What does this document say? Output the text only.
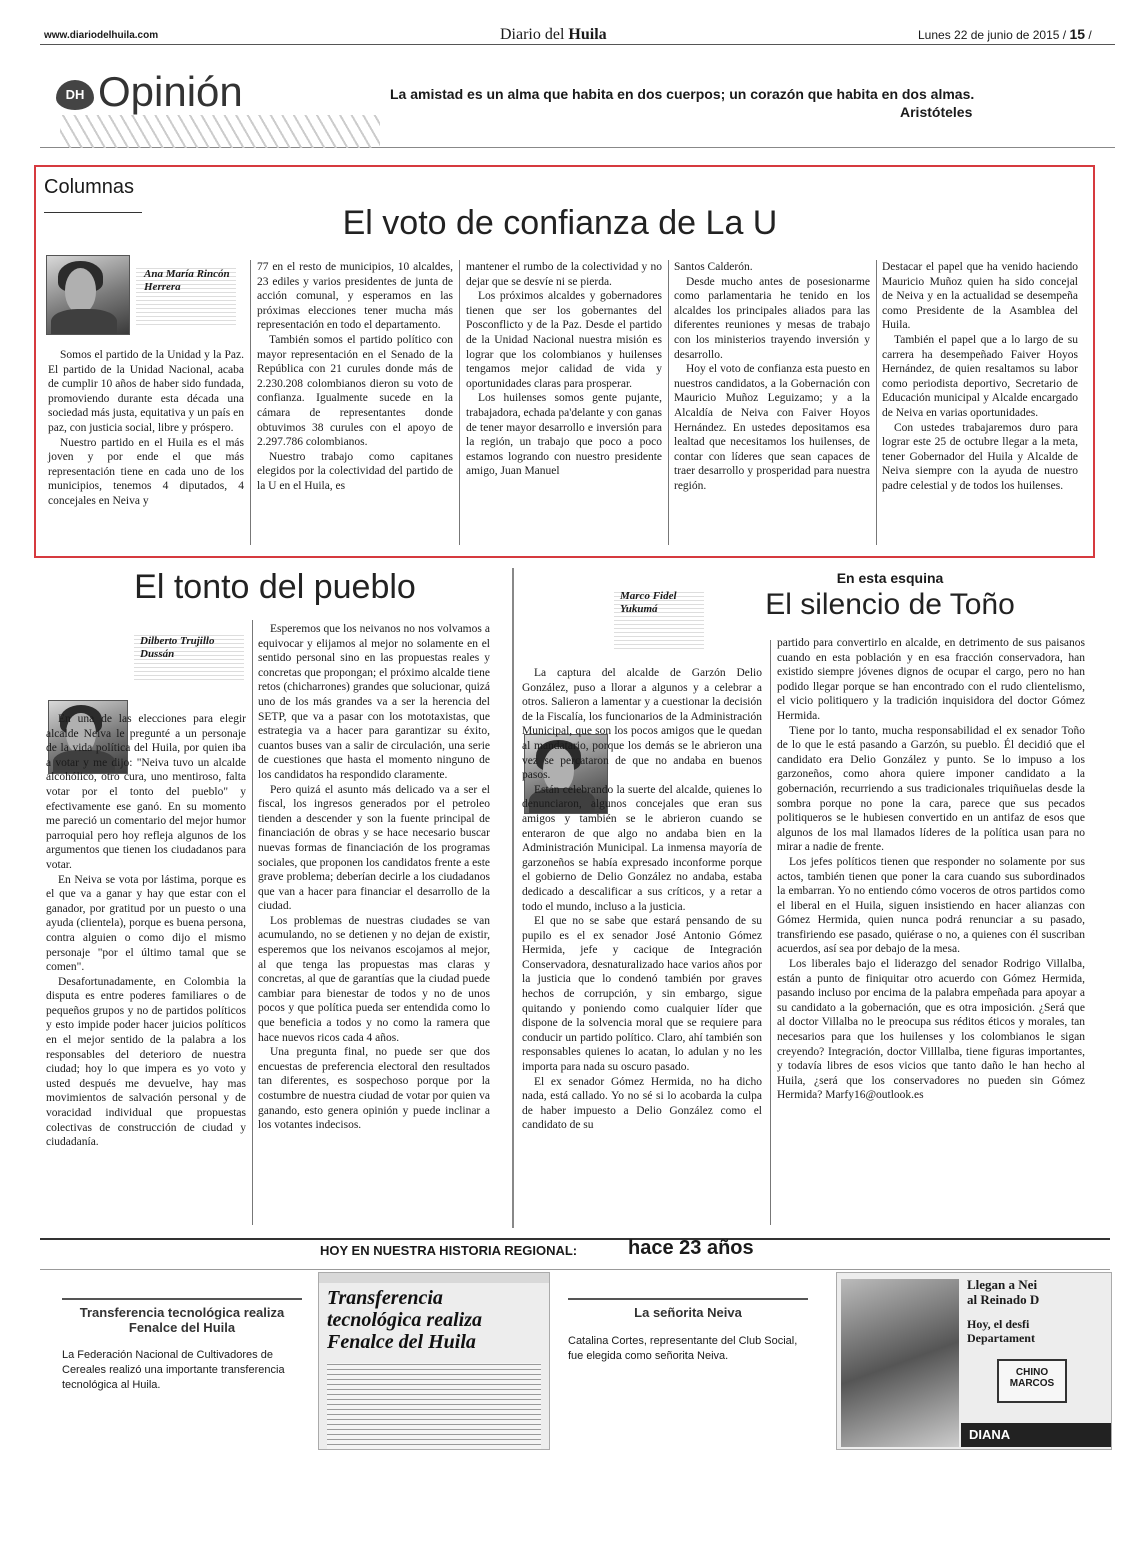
www.diariodelhuila.com	Diario del Huila	Lunes 22 de junio de 2015 / 15 /
DH Opinión	La amistad es un alma que habita en dos cuerpos; un corazón que habita en dos almas.
Aristóteles
Columnas
El voto de confianza de La U
Ana María Rincón Herrera

Somos el partido de la Unidad y la Paz. El partido de la Unidad Nacional, acaba de cumplir 10 años de haber sido fundada, promoviendo durante esta década una sociedad más justa, equitativa y un país en paz, con justicia social, libre y próspero.

Nuestro partido en el Huila es el más joven y por ende el que más representación tiene en cada uno de los municipios, tenemos 4 diputados, 4 concejales en Neiva y

77 en el resto de municipios, 10 alcaldes, 23 ediles y varios presidentes de junta de acción comunal, y esperamos en las próximas elecciones tener mucha más representación en todo el departamento.

También somos el partido político con mayor representación en el Senado de la República con 21 curules donde más de 2.230.208 colombianos dieron su voto de confianza. Igualmente sucede en la cámara de representantes donde obtuvimos 38 curules con el apoyo de 2.297.786 colombianos.

Nuestro trabajo como capitanes elegidos por la colectividad del partido de la U en el Huila, es

mantener el rumbo de la colectividad y no dejar que se desvíe ni se pierda.

Los próximos alcaldes y gobernadores tienen que ser los gobernantes del Posconflicto y de la Paz. Desde el partido de la Unidad Nacional nuestra misión es lograr que los colombianos y huilenses tengamos mejor calidad de vida y oportunidades claras para prosperar.

Los huilenses somos gente pujante, trabajadora, echada pa'delante y con ganas de tener mayor desarrollo e inversión para la región, un trabajo que poco a poco estamos logrando con nuestro presidente amigo, Juan Manuel

Santos Calderón.

Desde mucho antes de posesionarme como parlamentaria he tenido en los alcaldes los principales aliados para las diferentes reuniones y mesas de trabajo con los ministerios trayendo inversión y desarrollo.

Hoy el voto de confianza esta puesto en nuestros candidatos, a la Gobernación con Mauricio Muñoz Leguizamo; y a la Alcaldía de Neiva con Faiver Hoyos Hernández. En ustedes depositamos esa lealtad que necesitamos los huilenses, de contar con líderes que sean capaces de traer desarrollo y prosperidad para nuestra región.

Destacar el papel que ha venido haciendo Mauricio Muñoz quien ha sido concejal de Neiva y en la actualidad se desempeña como Presidente de la Asamblea del Huila.

También el papel que a lo largo de su carrera ha desempeñado Faiver Hoyos Hernández, de quien resaltamos su labor como periodista deportivo, Secretario de Educación municipal y Alcalde encargado de Neiva en varias oportunidades.

Con ustedes trabajaremos duro para lograr este 25 de octubre llegar a la meta, tener Gobernador del Huila y Alcalde de Neiva siempre con la ayuda de nuestro padre celestial y de todos los huilenses.

El tonto del pueblo
Dilberto Trujillo Dussán

En una de las elecciones para elegir alcalde Neiva le pregunté a un personaje de la vida política del Huila, por quien iba a votar y me dijo: "Neiva tuvo un alcalde alcohólico, otro cura, uno mentiroso, falta votar por el tonto del pueblo" y efectivamente ese ganó. En su momento me pareció un comentario del mejor humor parroquial pero hoy refleja algunos de los argumentos que tienen los ciudadanos para votar.

En Neiva se vota por lástima, porque es el que va a ganar y hay que estar con el ganador, por gratitud por un puesto o una ayuda (clientela), porque es buena persona, contra alguien o como dijo el mismo personaje "por el último tamal que se comen".

Desafortunadamente, en Colombia la disputa es entre poderes familiares o de pequeños grupos y no de partidos políticos y esto impide poder hacer juicios políticos en el mejor sentido de la palabra a los responsables del deterioro de nuestra ciudad; hoy lo que impera es yo voto y usted después me devuelve, hay mas movimientos de salvación personal y de voracidad individual que propuestas colectivas de construcción de ciudad y ciudadanía.

Esperemos que los neivanos no nos volvamos a equivocar y elijamos al mejor no solamente en el sentido personal sino en las propuestas reales y concretas que propongan; el próximo alcalde tiene retos (chicharrones) grandes que solucionar, quizá uno de los más grandes va a ser la herencia del SETP, que va a pasar con los mototaxistas, que estrategia va a hacer para garantizar su éxito, cuantos buses van a salir de circulación, una serie de cuestiones que hasta el momento ninguno de los candidatos ha respondido claramente.

Pero quizá el asunto más delicado va a ser el fiscal, los ingresos generados por el petroleo tienden a descender y son la fuente principal de financiación de obras y se hace necesario buscar nuevas formas de financiación de los programas sociales, que proponen los candidatos frente a este grave problema; deberían decirle a los ciudadanos que van a hacer para financiar el desarrollo de la ciudad.

Los problemas de nuestras ciudades se van acumulando, no se detienen y no dejan de existir, esperemos que los neivanos escojamos al mejor, al que tenga las propuestas mas claras y concretas, al que de garantías que la ciudad puede cambiar para bienestar de todos y no de unos pocos y que política pueda ser entendida como lo que beneficia a todos y no como la ramera que hace nuevos ricos cada 4 años.

Una pregunta final, no puede ser que dos encuestas de preferencia electoral den resultados tan diferentes, es sospechoso porque por la costumbre de nuestra ciudad de votar por quien va ganando, esto genera opinión y puede inclinar a los votantes indecisos.

Marco Fidel Yukumá
En esta esquina
El silencio de Toño

La captura del alcalde de Garzón Delio González, puso a llorar a algunos y a celebrar a otros. Salieron a lamentar y a cuestionar la decisión de la Fiscalía, los funcionarios de la Administración Municipal, que son los pocos amigos que le quedan al mandatario, porque los demás se le abrieron una vez se percataron de que no andaba en buenos pasos.

Están celebrando la suerte del alcalde, quienes lo denunciaron, algunos concejales que eran sus amigos y también se le abrieron cuando se enteraron de que algo no andaba bien en la Administración Municipal. La inmensa mayoría de garzoneños se había expresado inconforme porque el gobierno de Delio González no andaba, estaba dedicado a descalificar a sus críticos, y a retar a todo el mundo, incluso a la justicia.

El que no se sabe que estará pensando de su pupilo es el ex senador José Antonio Gómez Hermida, jefe y cacique de Integración Conservadora, desnaturalizado hace varios años por la justicia que lo condenó también por graves hechos de corrupción, y sin embargo, sigue quitando y poniendo como cualquier líder que dispone de la solvencia moral que se requiere para conducir un partido político. Claro, ahí también son responsables quienes lo acatan, lo adulan y no les importa para nada su oscuro pasado.

El ex senador Gómez Hermida, no ha dicho nada, está callado. Yo no sé si lo acobarda la culpa de haber impuesto a Delio González como el candidato de su

partido para convertirlo en alcalde, en detrimento de sus paisanos cuando en esta población y en esa fracción conservadora, han existido siempre jóvenes dignos de ocupar el cargo, pero no han podido llegar porque se han encontrado con el rudo clientelismo, el vicio politiquero y la tradición inquisidora del doctor Gómez Hermida.

Tiene por lo tanto, mucha responsabilidad el ex senador Toño de lo que le está pasando a Garzón, su pueblo. Él decidió que el candidato era Delio González y punto. Se lo impuso a los garzoneños, como ahora quiere imponer candidato a la gobernación, recurriendo a sus tradicionales triquiñuelas desde la sombra porque no pone la cara, parece que sus pecados politiqueros se le hubiesen convertido en un antifaz de esos que algunos de los mal llamados líderes de la política usan para no mirar a nadie de frente.

Los jefes políticos tienen que responder no solamente por sus actos, también tienen que poner la cara cuando sus subordinados la embarran. Yo no entiendo cómo voceros de otros partidos como el liberal en el Huila, siguen insistiendo en hacer alianzas con Gómez Hermida, quien nunca podrá renunciar a su pasado, transfiriendo ese pasado, quiérase o no, a quienes con él suscriban acuerdos, así sea por debajo de la mesa.

Los liberales bajo el liderazgo del senador Rodrigo Villalba, están a punto de finiquitar otro acuerdo con Gómez Hermida, pasando incluso por encima de la palabra empeñada para apoyar a su candidato a la gobernación, que es otra imposición. ¿Será que al doctor Villalba no le preocupa sus réditos éticos y morales, tan necesarios para que los huilenses y los colombianos le sigan creyendo? Integración, doctor Villlalba, tiene figuras importantes, y todavía libres de esos vicios que tanto daño le han hecho al Huila, ¿será que los conservadores no pueden sin Gómez Hermida? Marfy16@outlook.es

HOY EN NUESTRA HISTORIA REGIONAL:	hace 23 años
Transferencia tecnológica realiza Fenalce del Huila
La Federación Nacional de Cultivadores de Cereales realizó una importante transferencia tecnológica al Huila.
Transferencia tecnológica realiza Fenalce del Huila
La señorita Neiva
Catalina Cortes, representante del Club Social, fue elegida como señorita Neiva.
Llegan a Nei
al Reinado D
Hoy, el desfi
Departament
CHINO MARCOS
DIANA
